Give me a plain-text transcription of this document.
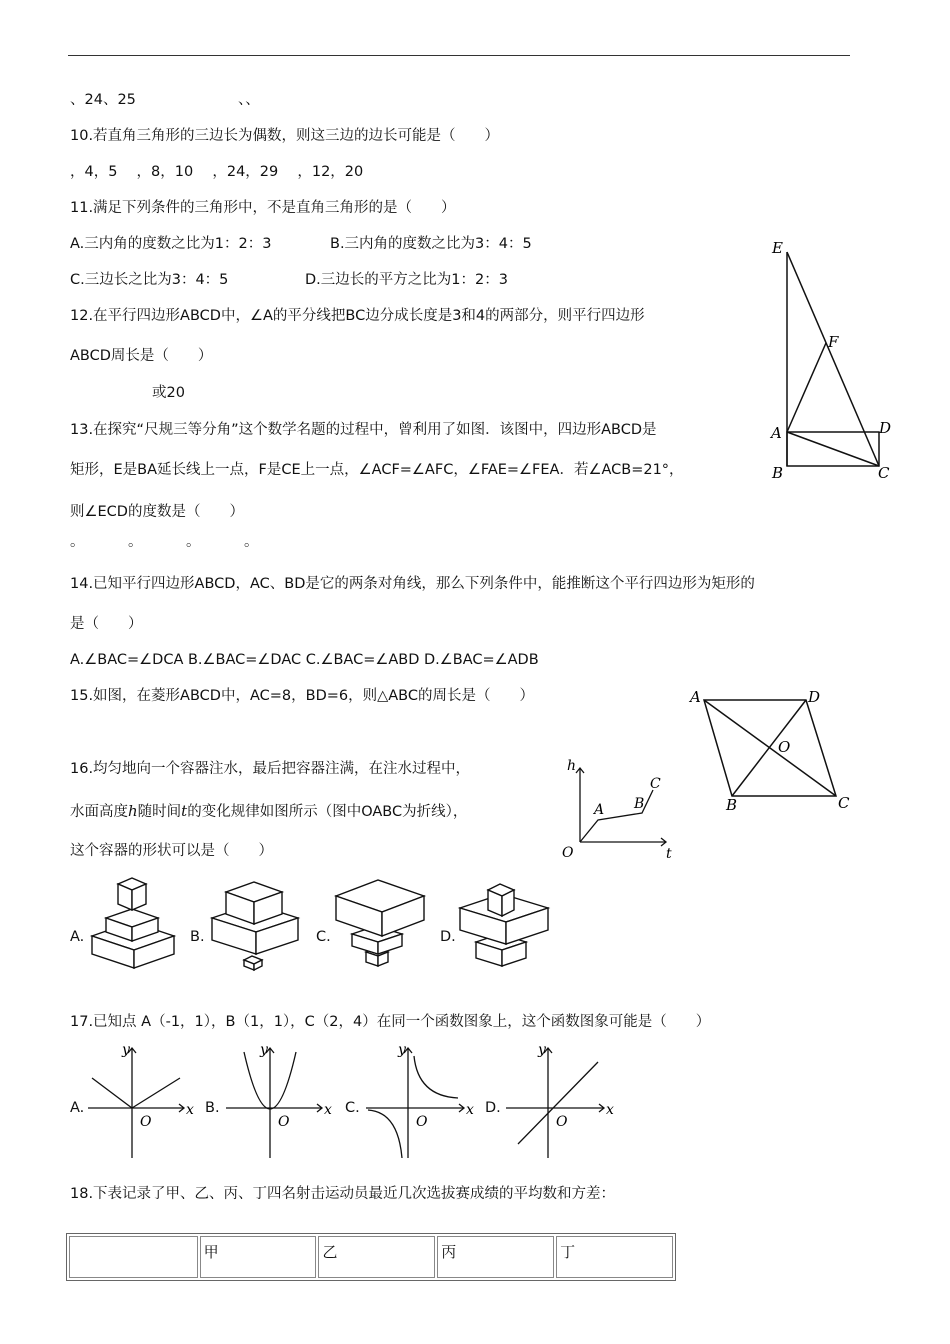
、24、25	、、
10.若直角三角形的三边长为偶数，则这三边的边长可能是（　　）
，4，5　 ，8，10　 ，24，29　 ，12，20
11.满足下列条件的三角形中，不是直角三角形的是（　　）
A.三内角的度数之比为1：2：3	B.三内角的度数之比为3：4：5
C.三边长之比为3：4：5	D.三边长的平方之比为1：2：3
12.在平行四边形ABCD中，∠A的平分线把BC边分成长度是3和4的两部分，则平行四边形
ABCD周长是（　　）
或20
13.在探究“尺规三等分角”这个数学名题的过程中，曾利用了如图．该图中，四边形ABCD是
矩形，E是BA延长线上一点，F是CE上一点，∠ACF=∠AFC，∠FAE=∠FEA．若∠ACB=21°，
则∠ECD的度数是（　　）
。	。	。	。
E
F
A	D
B	C
14.已知平行四边形ABCD，AC、BD是它的两条对角线，那么下列条件中，能推断这个平行四边形为矩形的
是（　　）
A.∠BAC=∠DCA B.∠BAC=∠DAC C.∠BAC=∠ABD D.∠BAC=∠ADB
15.如图，在菱形ABCD中，AC=8，BD=6，则△ABC的周长是（　　）	A	D
O
B	C
16.均匀地向一个容器注水，最后把容器注满，在注水过程中，
水面高度h随时间t的变化规律如图所示（图中OABC为折线），
这个容器的形状可以是（　　）
h
t
O
A B
C
A.	B.	C.	D.
17.已知点 A（-1，1），B（1，1），C（2，4）在同一个函数图象上，这个函数图象可能是（　　）
A.
y
x
O
B.
y
x
O
C.
y
x
O
D.
y
x
O
18.下表记录了甲、乙、丙、丁四名射击运动员最近几次选拔赛成绩的平均数和方差：
	甲	乙	丙	丁
